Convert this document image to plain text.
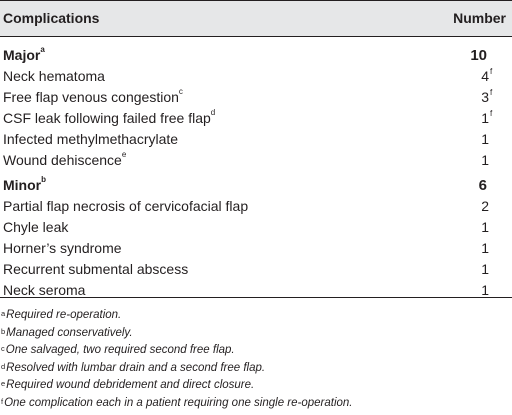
Complications	Number
Major$^a$	10
Neck hematoma	4 f
Free flap venous congestion$^c$	3 f
CSF leak following failed free flap$^d$	1 f
Infected methylmethacrylate	1
Wound dehiscence$^e$	1
Minor$^b$	6
Partial flap necrosis of cervicofacial flap	2
Chyle leak	1
Horner’s syndrome	1
Recurrent submental abscess	1
Neck seroma	1
$^a$Required re-operation.
$^b$Managed conservatively.
$^c$One salvaged, two required second free flap.
$^d$Resolved with lumbar drain and a second free flap.
$^e$Required wound debridement and direct closure.
$^f$One complication each in a patient requiring one single re-operation.
